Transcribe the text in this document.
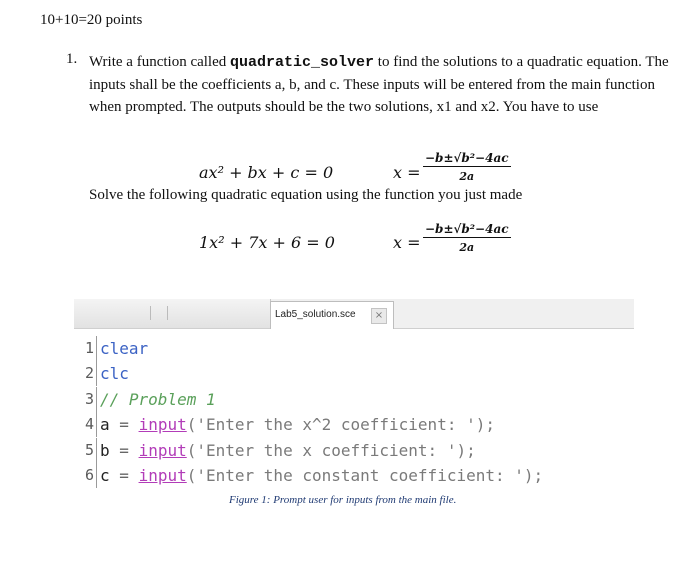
10+10=20 points
1. Write a function called quadratic_solver to find the solutions to a quadratic equation. The inputs shall be the coefficients a, b, and c. These inputs will be entered from the main function when prompted. The outputs should be the two solutions, x1 and x2. You have to use
ax² + bx + c = 0	$x = \frac{\text{−b±√b²−4ac}}{2a}$
Solve the following quadratic equation using the function you just made
1x² + 7x + 6 = 0	$x = \frac{\text{−b±√b²−4ac}}{2a}$
Lab5_solution.sce	×

1

clear

2

clc

3

// Problem 1

4

a = input('Enter the x^2 coefficient: ');

5

b = input('Enter the x coefficient: ');

6

c = input('Enter the constant coefficient: ');

Figure 1: Prompt user for inputs from the main file.
